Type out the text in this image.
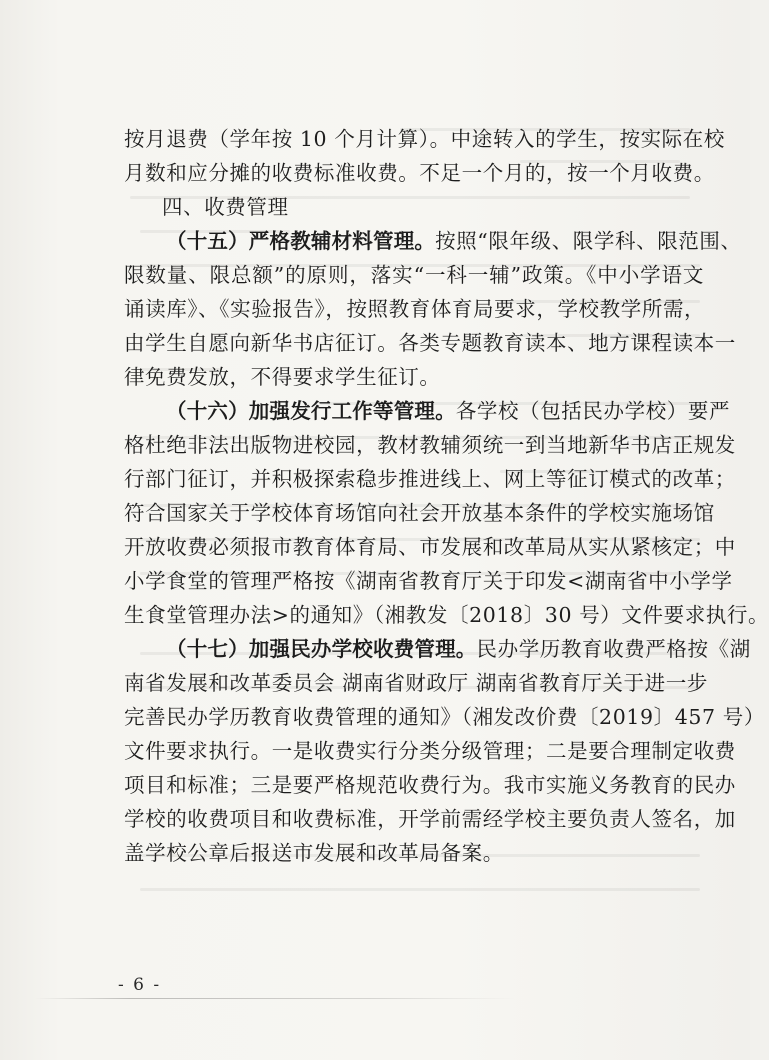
按月退费（学年按 10 个月计算）。中途转入的学生，按实际在校
月数和应分摊的收费标准收费。不足一个月的，按一个月收费。
四、收费管理
（十五）严格教辅材料管理。按照“限年级、限学科、限范围、
限数量、限总额”的原则，落实“一科一辅”政策。《中小学语文
诵读库》、《实验报告》，按照教育体育局要求，学校教学所需，
由学生自愿向新华书店征订。各类专题教育读本、地方课程读本一
律免费发放，不得要求学生征订。
（十六）加强发行工作等管理。各学校（包括民办学校）要严
格杜绝非法出版物进校园，教材教辅须统一到当地新华书店正规发
行部门征订，并积极探索稳步推进线上、网上等征订模式的改革；
符合国家关于学校体育场馆向社会开放基本条件的学校实施场馆
开放收费必须报市教育体育局、市发展和改革局从实从紧核定；中
小学食堂的管理严格按《湖南省教育厅关于印发<湖南省中小学学
生食堂管理办法>的通知》（湘教发〔2018〕30 号）文件要求执行。
（十七）加强民办学校收费管理。民办学历教育收费严格按《湖
南省发展和改革委员会 湖南省财政厅 湖南省教育厅关于进一步
完善民办学历教育收费管理的通知》（湘发改价费〔2019〕457 号）
文件要求执行。一是收费实行分类分级管理；二是要合理制定收费
项目和标准；三是要严格规范收费行为。我市实施义务教育的民办
学校的收费项目和收费标准，开学前需经学校主要负责人签名，加
盖学校公章后报送市发展和改革局备案。
- 6 -
